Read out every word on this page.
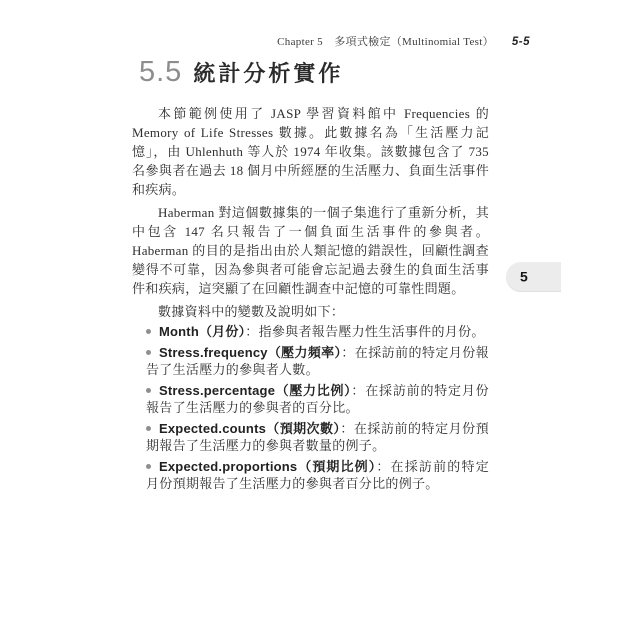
Chapter 5　多項式檢定（Multinomial Test） 5-5
5.5 統計分析實作
5

本節範例使用了 JASP 學習資料館中 Frequencies 的 Memory of Life Stresses 數據。此數據名為「生活壓力記憶」，由 Uhlenhuth 等人於 1974 年收集。該數據包含了 735 名參與者在過去 18 個月中所經歷的生活壓力、負面生活事件和疾病。

Haberman 對這個數據集的一個子集進行了重新分析，其中包含 147 名只報告了一個負面生活事件的參與者。Haberman 的目的是指出由於人類記憶的錯誤性，回顧性調查變得不可靠，因為參與者可能會忘記過去發生的負面生活事件和疾病，這突顯了在回顧性調查中記憶的可靠性問題。

數據資料中的變數及說明如下：

Month（月份）：指參與者報告壓力性生活事件的月份。
Stress.frequency（壓力頻率）：在採訪前的特定月份報告了生活壓力的參與者人數。
Stress.percentage（壓力比例）：在採訪前的特定月份報告了生活壓力的參與者的百分比。
Expected.counts（預期次數）：在採訪前的特定月份預期報告了生活壓力的參與者數量的例子。
Expected.proportions（預期比例）：在採訪前的特定月份預期報告了生活壓力的參與者百分比的例子。
